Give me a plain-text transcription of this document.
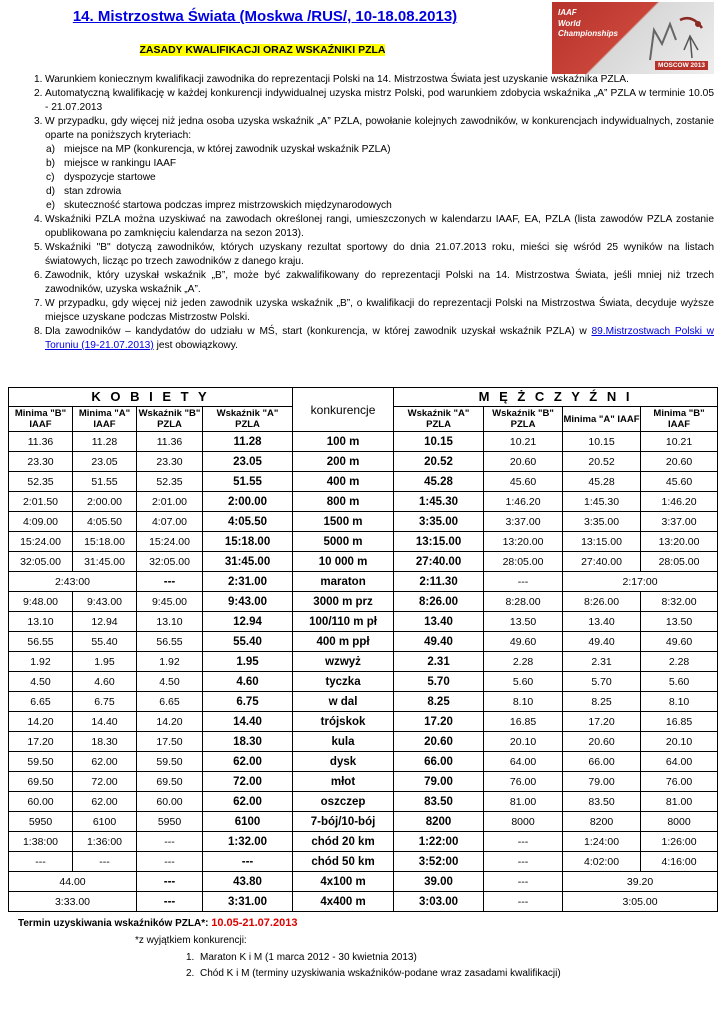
14. Mistrzostwa Świata (Moskwa /RUS/, 10-18.08.2013)
ZASADY KWALIFIKACJI ORAZ WSKAŹNIKI PZLA
IAAF
World
Championships
MOSCOW 2013
1. Warunkiem koniecznym kwalifikacji zawodnika do reprezentacji Polski na 14. Mistrzostwa Świata jest uzyskanie wskaźnika PZLA.
2. Automatyczną kwalifikację w każdej konkurencji indywidualnej uzyska mistrz Polski, pod warunkiem zdobycia wskaźnika „A” PZLA w terminie 10.05 - 21.07.2013
3. W przypadku, gdy więcej niż jedna osoba uzyska wskaźnik „A” PZLA, powołanie kolejnych zawodników, w konkurencjach indywidualnych, zostanie oparte na poniższych kryteriach:
a) miejsce na MP (konkurencja, w której zawodnik uzyskał wskaźnik PZLA)
b) miejsce w rankingu IAAF
c) dyspozycje startowe
d) stan zdrowia
e) skuteczność startowa podczas imprez mistrzowskich międzynarodowych
4. Wskaźniki PZLA można uzyskiwać na zawodach określonej rangi, umieszczonych w kalendarzu IAAF, EA, PZLA (lista zawodów PZLA zostanie opublikowana po zamknięciu kalendarza na sezon 2013).
5. Wskaźniki "B" dotyczą zawodników, których uzyskany rezultat sportowy do dnia 21.07.2013 roku, mieści się wśród 25 wyników na listach światowych, licząc po trzech zawodników z danego kraju.
6. Zawodnik, który uzyskał wskaźnik „B”, może być zakwalifikowany do reprezentacji Polski na 14. Mistrzostwa Świata, jeśli mniej niż trzech zawodników, uzyska wskaźnik „A”.
7. W przypadku, gdy więcej niż jeden zawodnik uzyska wskaźnik „B”, o kwalifikacji do reprezentacji Polski na Mistrzostwa Świata, decyduje wyższe miejsce uzyskane podczas Mistrzostw Polski.
8. Dla zawodników – kandydatów do udziału w MŚ, start (konkurencja, w której zawodnik uzyskał wskaźnik PZLA) w 89.Mistrzostwach Polski w Toruniu (19-21.07.2013) jest obowiązkowy.
K O B I E T Y				konkurencje	M Ę Ż C Z Y Ź N I			
Minima "B" IAAF	Minima "A" IAAF	Wskaźnik "B" PZLA	Wskaźnik "A" PZLA		Wskaźnik "A" PZLA	Wskaźnik "B" PZLA	Minima "A" IAAF	Minima "B" IAAF
11.36	11.28	11.36	11.28	100 m	10.15	10.21	10.15	10.21
23.30	23.05	23.30	23.05	200 m	20.52	20.60	20.52	20.60
52.35	51.55	52.35	51.55	400 m	45.28	45.60	45.28	45.60
2:01.50	2:00.00	2:01.00	2:00.00	800 m	1:45.30	1:46.20	1:45.30	1:46.20
4:09.00	4:05.50	4:07.00	4:05.50	1500 m	3:35.00	3:37.00	3:35.00	3:37.00
15:24.00	15:18.00	15:24.00	15:18.00	5000 m	13:15.00	13:20.00	13:15.00	13:20.00
32:05.00	31:45.00	32:05.00	31:45.00	10 000 m	27:40.00	28:05.00	27:40.00	28:05.00
2:43:00		---	2:31.00	maraton	2:11.30	---	2:17:00	
9:48.00	9:43.00	9:45.00	9:43.00	3000 m prz	8:26.00	8:28.00	8:26.00	8:32.00
13.10	12.94	13.10	12.94	100/110 m pł	13.40	13.50	13.40	13.50
56.55	55.40	56.55	55.40	400 m ppł	49.40	49.60	49.40	49.60
1.92	1.95	1.92	1.95	wzwyż	2.31	2.28	2.31	2.28
4.50	4.60	4.50	4.60	tyczka	5.70	5.60	5.70	5.60
6.65	6.75	6.65	6.75	w dal	8.25	8.10	8.25	8.10
14.20	14.40	14.20	14.40	trójskok	17.20	16.85	17.20	16.85
17.20	18.30	17.50	18.30	kula	20.60	20.10	20.60	20.10
59.50	62.00	59.50	62.00	dysk	66.00	64.00	66.00	64.00
69.50	72.00	69.50	72.00	młot	79.00	76.00	79.00	76.00
60.00	62.00	60.00	62.00	oszczep	83.50	81.00	83.50	81.00
5950	6100	5950	6100	7-bój/10-bój	8200	8000	8200	8000
1:38:00	1:36:00	---	1:32.00	chód 20 km	1:22:00	---	1:24:00	1:26:00
---	---	---	---	chód 50 km	3:52:00	---	4:02:00	4:16:00
44.00		---	43.80	4x100 m	39.00	---	39.20	
3:33.00		---	3:31.00	4x400 m	3:03.00	---	3:05.00	
Termin uzyskiwania wskaźników PZLA*: 10.05-21.07.2013
*z wyjątkiem konkurencji:
1. Maraton K i M (1 marca 2012 - 30 kwietnia 2013)
2. Chód K i M (terminy uzyskiwania wskaźników-podane wraz zasadami kwalifikacji)
